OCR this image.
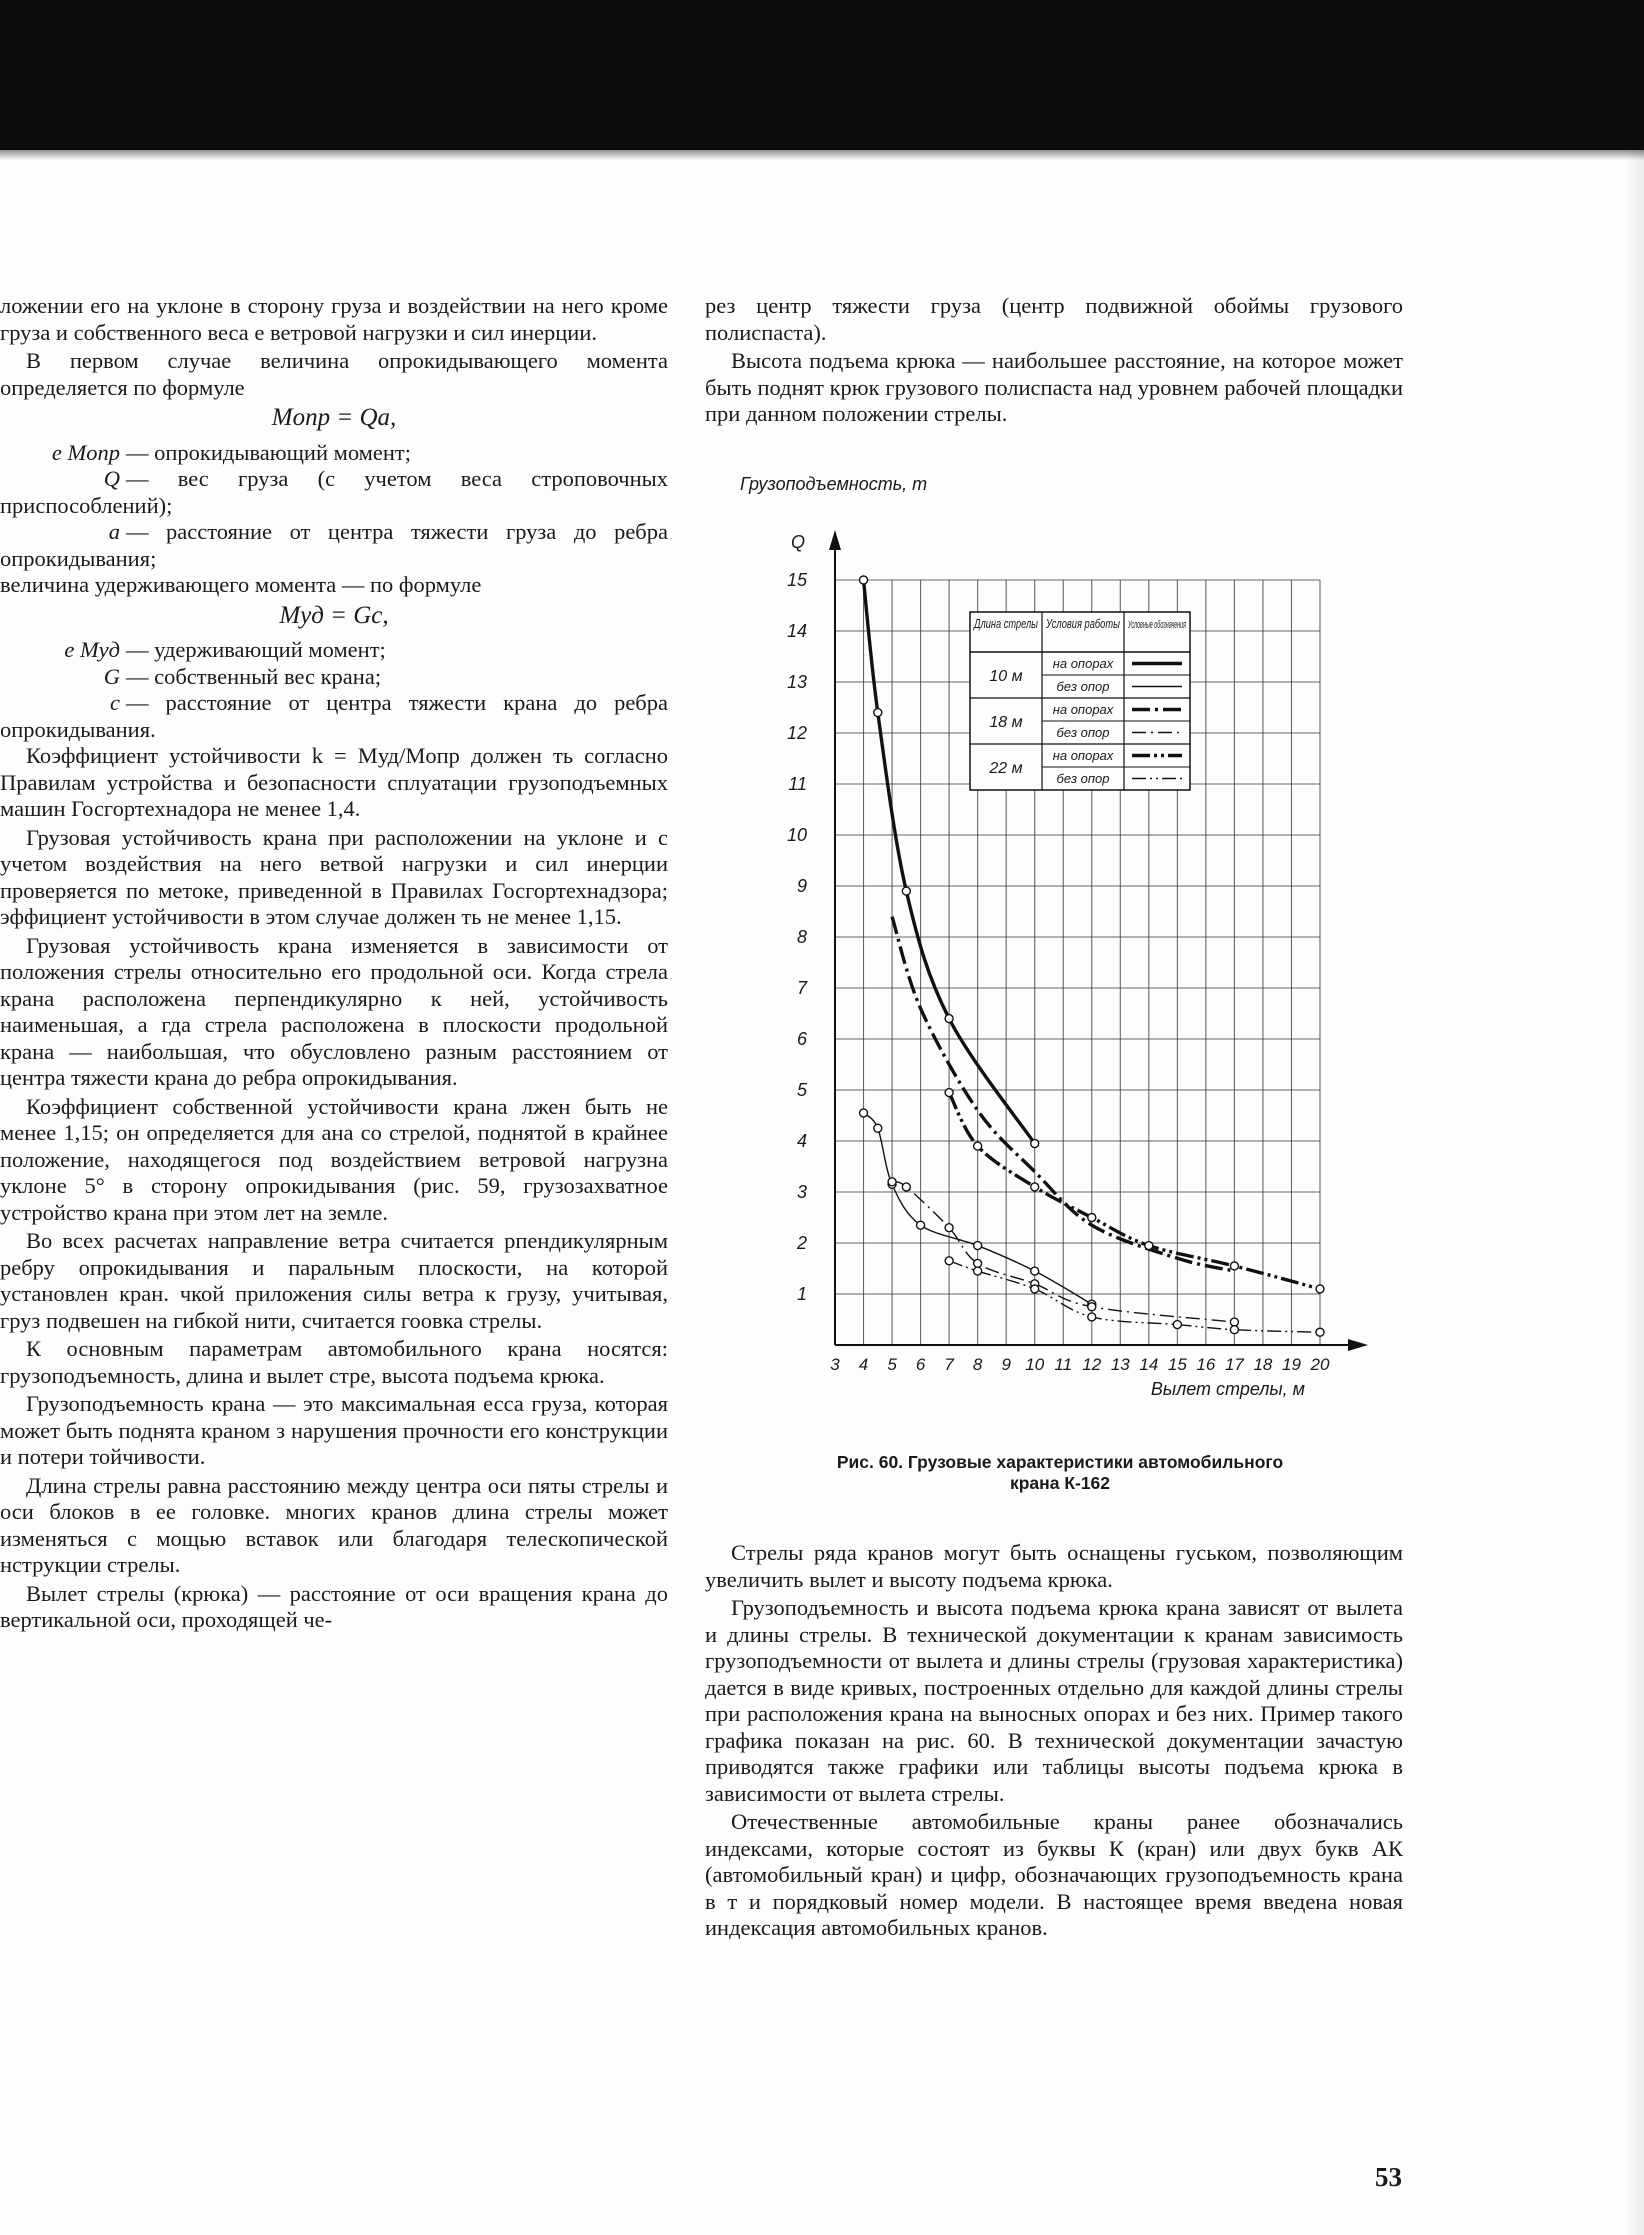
ложении его на уклоне в сторону груза и воздействии на него кроме груза и собственного веса е ветровой нагрузки и сил инерции.

В первом случае величина опрокидывающего момента определяется по формуле

Mопр = Qa,
е Mопр — опрокидывающий момент;
Q — вес груза (с учетом веса строповочных приспособлений);
a — расстояние от центра тяжести груза до ребра опрокидывания;

величина удерживающего момента — по формуле

Mуд = Gc,
е Mуд — удерживающий момент;
G — собственный вес крана;
c — расстояние от центра тяжести крана до ребра опрокидывания.

Коэффициент устойчивости k = Mуд/Mопр должен ть согласно Правилам устройства и безопасности сплуатации грузоподъемных машин Госгортехнадора не менее 1,4.

Грузовая устойчивость крана при расположении на уклоне и с учетом воздействия на него ветвой нагрузки и сил инерции проверяется по метоке, приведенной в Правилах Госгортехнадзора; эффициент устойчивости в этом случае должен ть не менее 1,15.

Грузовая устойчивость крана изменяется в зависимости от положения стрелы относительно его продольной оси. Когда стрела крана расположена перпендикулярно к ней, устойчивость наименьшая, а гда стрела расположена в плоскости продольной крана — наибольшая, что обусловлено разным расстоянием от центра тяжести крана до ребра опрокидывания.

Коэффициент собственной устойчивости крана лжен быть не менее 1,15; он определяется для ана со стрелой, поднятой в крайнее положение, находящегося под воздействием ветровой нагрузна уклоне 5° в сторону опрокидывания (рис. 59, грузозахватное устройство крана при этом лет на земле.

Во всех расчетах направление ветра считается рпендикулярным ребру опрокидывания и паральным плоскости, на которой установлен кран. чкой приложения силы ветра к грузу, учитывая, груз подвешен на гибкой нити, считается гоовка стрелы.

К основным параметрам автомобильного крана носятся: грузоподъемность, длина и вылет стре, высота подъема крюка.

Грузоподъемность крана — это максимальная есса груза, которая может быть поднята краном з нарушения прочности его конструкции и потери тойчивости.

Длина стрелы равна расстоянию между центра оси пяты стрелы и оси блоков в ее головке. многих кранов длина стрелы может изменяться с мощью вставок или благодаря телескопической нструкции стрелы.

Вылет стрелы (крюка) — расстояние от оси вращения крана до вертикальной оси, проходящей че-

рез центр тяжести груза (центр подвижной обоймы грузового полиспаста).

Высота подъема крюка — наибольшее расстояние, на которое может быть поднят крюк грузового полиспаста над уровнем рабочей площадки при данном положении стрелы.

1
2
3
4
5
6
7
8
9
10
11
12
13
14
15
3 4 5 6 7 8 9 10 11 12 13 14 15 16 17 18 19 20
Q
Грузоподъемность, т
Вылет стрелы, м
Длина стрелы Условия работы Условные обозначения
10 м
на опорах
без опор
18 м
на опорах
без опор
22 м
на опорах
без опор
Рис. 60. Грузовые характеристики автомобильного
крана К-162

Стрелы ряда кранов могут быть оснащены гуськом, позволяющим увеличить вылет и высоту подъема крюка.

Грузоподъемность и высота подъема крюка крана зависят от вылета и длины стрелы. В технической документации к кранам зависимость грузоподъемности от вылета и длины стрелы (грузовая характеристика) дается в виде кривых, построенных отдельно для каждой длины стрелы при расположения крана на выносных опорах и без них. Пример такого графика показан на рис. 60. В технической документации зачастую приводятся также графики или таблицы высоты подъема крюка в зависимости от вылета стрелы.

Отечественные автомобильные краны ранее обозначались индексами, которые состоят из буквы К (кран) или двух букв АК (автомобильный кран) и цифр, обозначающих грузоподъемность крана в т и порядковый номер модели. В настоящее время введена новая индексация автомобильных кранов.

53
